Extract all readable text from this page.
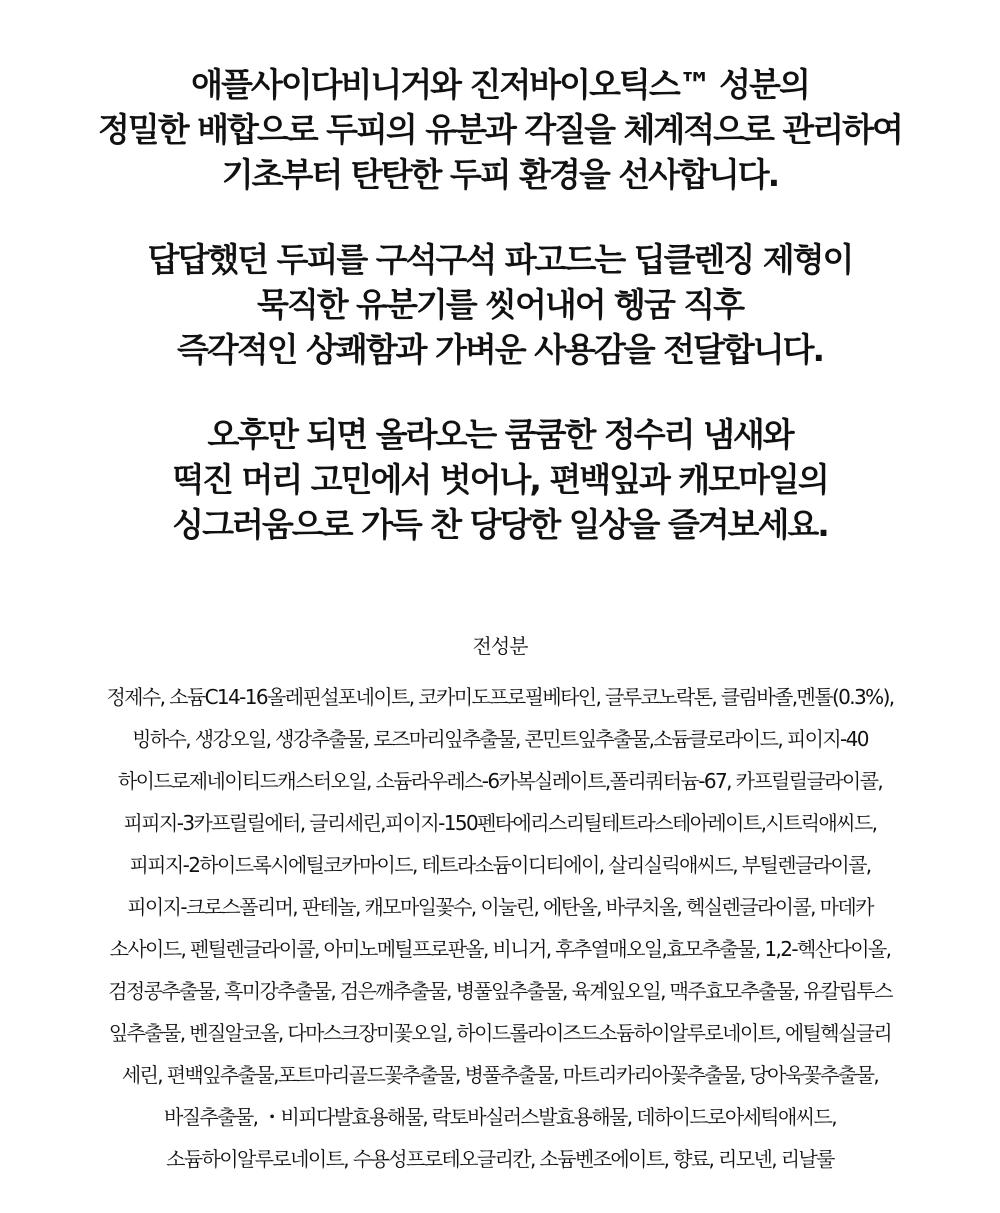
애플사이다비니거와 진저바이오틱스™ 성분의
정밀한 배합으로 두피의 유분과 각질을 체계적으로 관리하여
기초부터 탄탄한 두피 환경을 선사합니다.

답답했던 두피를 구석구석 파고드는 딥클렌징 제형이
묵직한 유분기를 씻어내어 헹굼 직후
즉각적인 상쾌함과 가벼운 사용감을 전달합니다.

오후만 되면 올라오는 쿰쿰한 정수리 냄새와
떡진 머리 고민에서 벗어나, 편백잎과 캐모마일의
싱그러움으로 가득 찬 당당한 일상을 즐겨보세요.

전성분
정제수, 소듐C14-16올레핀설포네이트, 코카미도프로필베타인, 글루코노락톤, 클림바졸,멘톨(0.3%),
빙하수, 생강오일, 생강추출물, 로즈마리잎추출물, 콘민트잎추출물,소듐클로라이드, 피이지-40
하이드로제네이티드캐스터오일, 소듐라우레스-6카복실레이트,폴리쿼터늄-67, 카프릴릴글라이콜,
피피지-3카프릴릴에터, 글리세린,피이지-150펜타에리스리틸테트라스테아레이트,시트릭애씨드,
피피지-2하이드록시에틸코카마이드, 테트라소듐이디티에이, 살리실릭애씨드, 부틸렌글라이콜,
피이지-크로스폴리머, 판테놀, 캐모마일꽃수, 이눌린, 에탄올, 바쿠치올, 헥실렌글라이콜, 마데카
소사이드, 펜틸렌글라이콜, 아미노메틸프로판올, 비니거, 후추열매오일,효모추출물, 1,2-헥산다이올,
검정콩추출물, 흑미강추출물, 검은깨추출물, 병풀잎추출물, 육계잎오일, 맥주효모추출물, 유칼립투스
잎추출물, 벤질알코올, 다마스크장미꽃오일, 하이드롤라이즈드소듐하이알루로네이트, 에틸헥실글리
세린, 편백잎추출물,포트마리골드꽃추출물, 병풀추출물, 마트리카리아꽃추출물, 당아욱꽃추출물,
바질추출물, ・비피다발효용해물, 락토바실러스발효용해물, 데하이드로아세틱애씨드,
소듐하이알루로네이트, 수용성프로테오글리칸, 소듐벤조에이트, 향료, 리모넨, 리날룰
